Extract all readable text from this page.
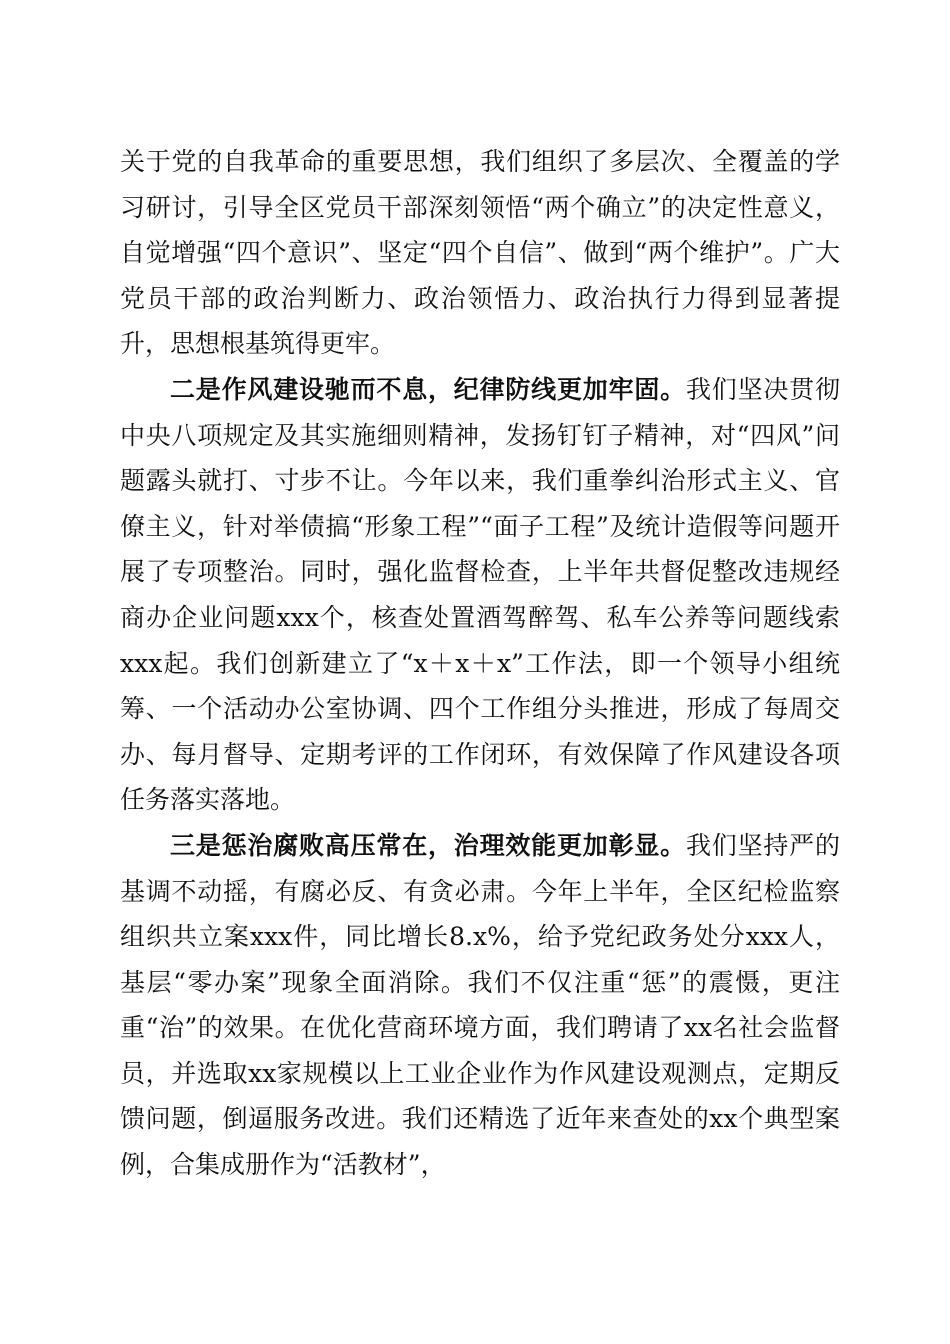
关于党的自我革命的重要思想，我们组织了多层次、全覆盖的学习研讨，引导全区党员干部深刻领悟“两个确立”的决定性意义，自觉增强“四个意识”、坚定“四个自信”、做到“两个维护”。广大党员干部的政治判断力、政治领悟力、政治执行力得到显著提升，思想根基筑得更牢。

二是作风建设驰而不息，纪律防线更加牢固。我们坚决贯彻中央八项规定及其实施细则精神，发扬钉钉子精神，对“四风”问题露头就打、寸步不让。今年以来，我们重拳纠治形式主义、官僚主义，针对举债搞“形象工程”“面子工程”及统计造假等问题开展了专项整治。同时，强化监督检查，上半年共督促整改违规经商办企业问题xxx个，核查处置酒驾醉驾、私车公养等问题线索xxx起。我们创新建立了“x＋x＋x”工作法，即一个领导小组统筹、一个活动办公室协调、四个工作组分头推进，形成了每周交办、每月督导、定期考评的工作闭环，有效保障了作风建设各项任务落实落地。

三是惩治腐败高压常在，治理效能更加彰显。我们坚持严的基调不动摇，有腐必反、有贪必肃。今年上半年，全区纪检监察组织共立案xxx件，同比增长8.x%，给予党纪政务处分xxx人，基层“零办案”现象全面消除。我们不仅注重“惩”的震慑，更注重“治”的效果。在优化营商环境方面，我们聘请了xx名社会监督员，并选取xx家规模以上工业企业作为作风建设观测点，定期反馈问题，倒逼服务改进。我们还精选了近年来查处的xx个典型案例，合集成册作为“活教材”，
